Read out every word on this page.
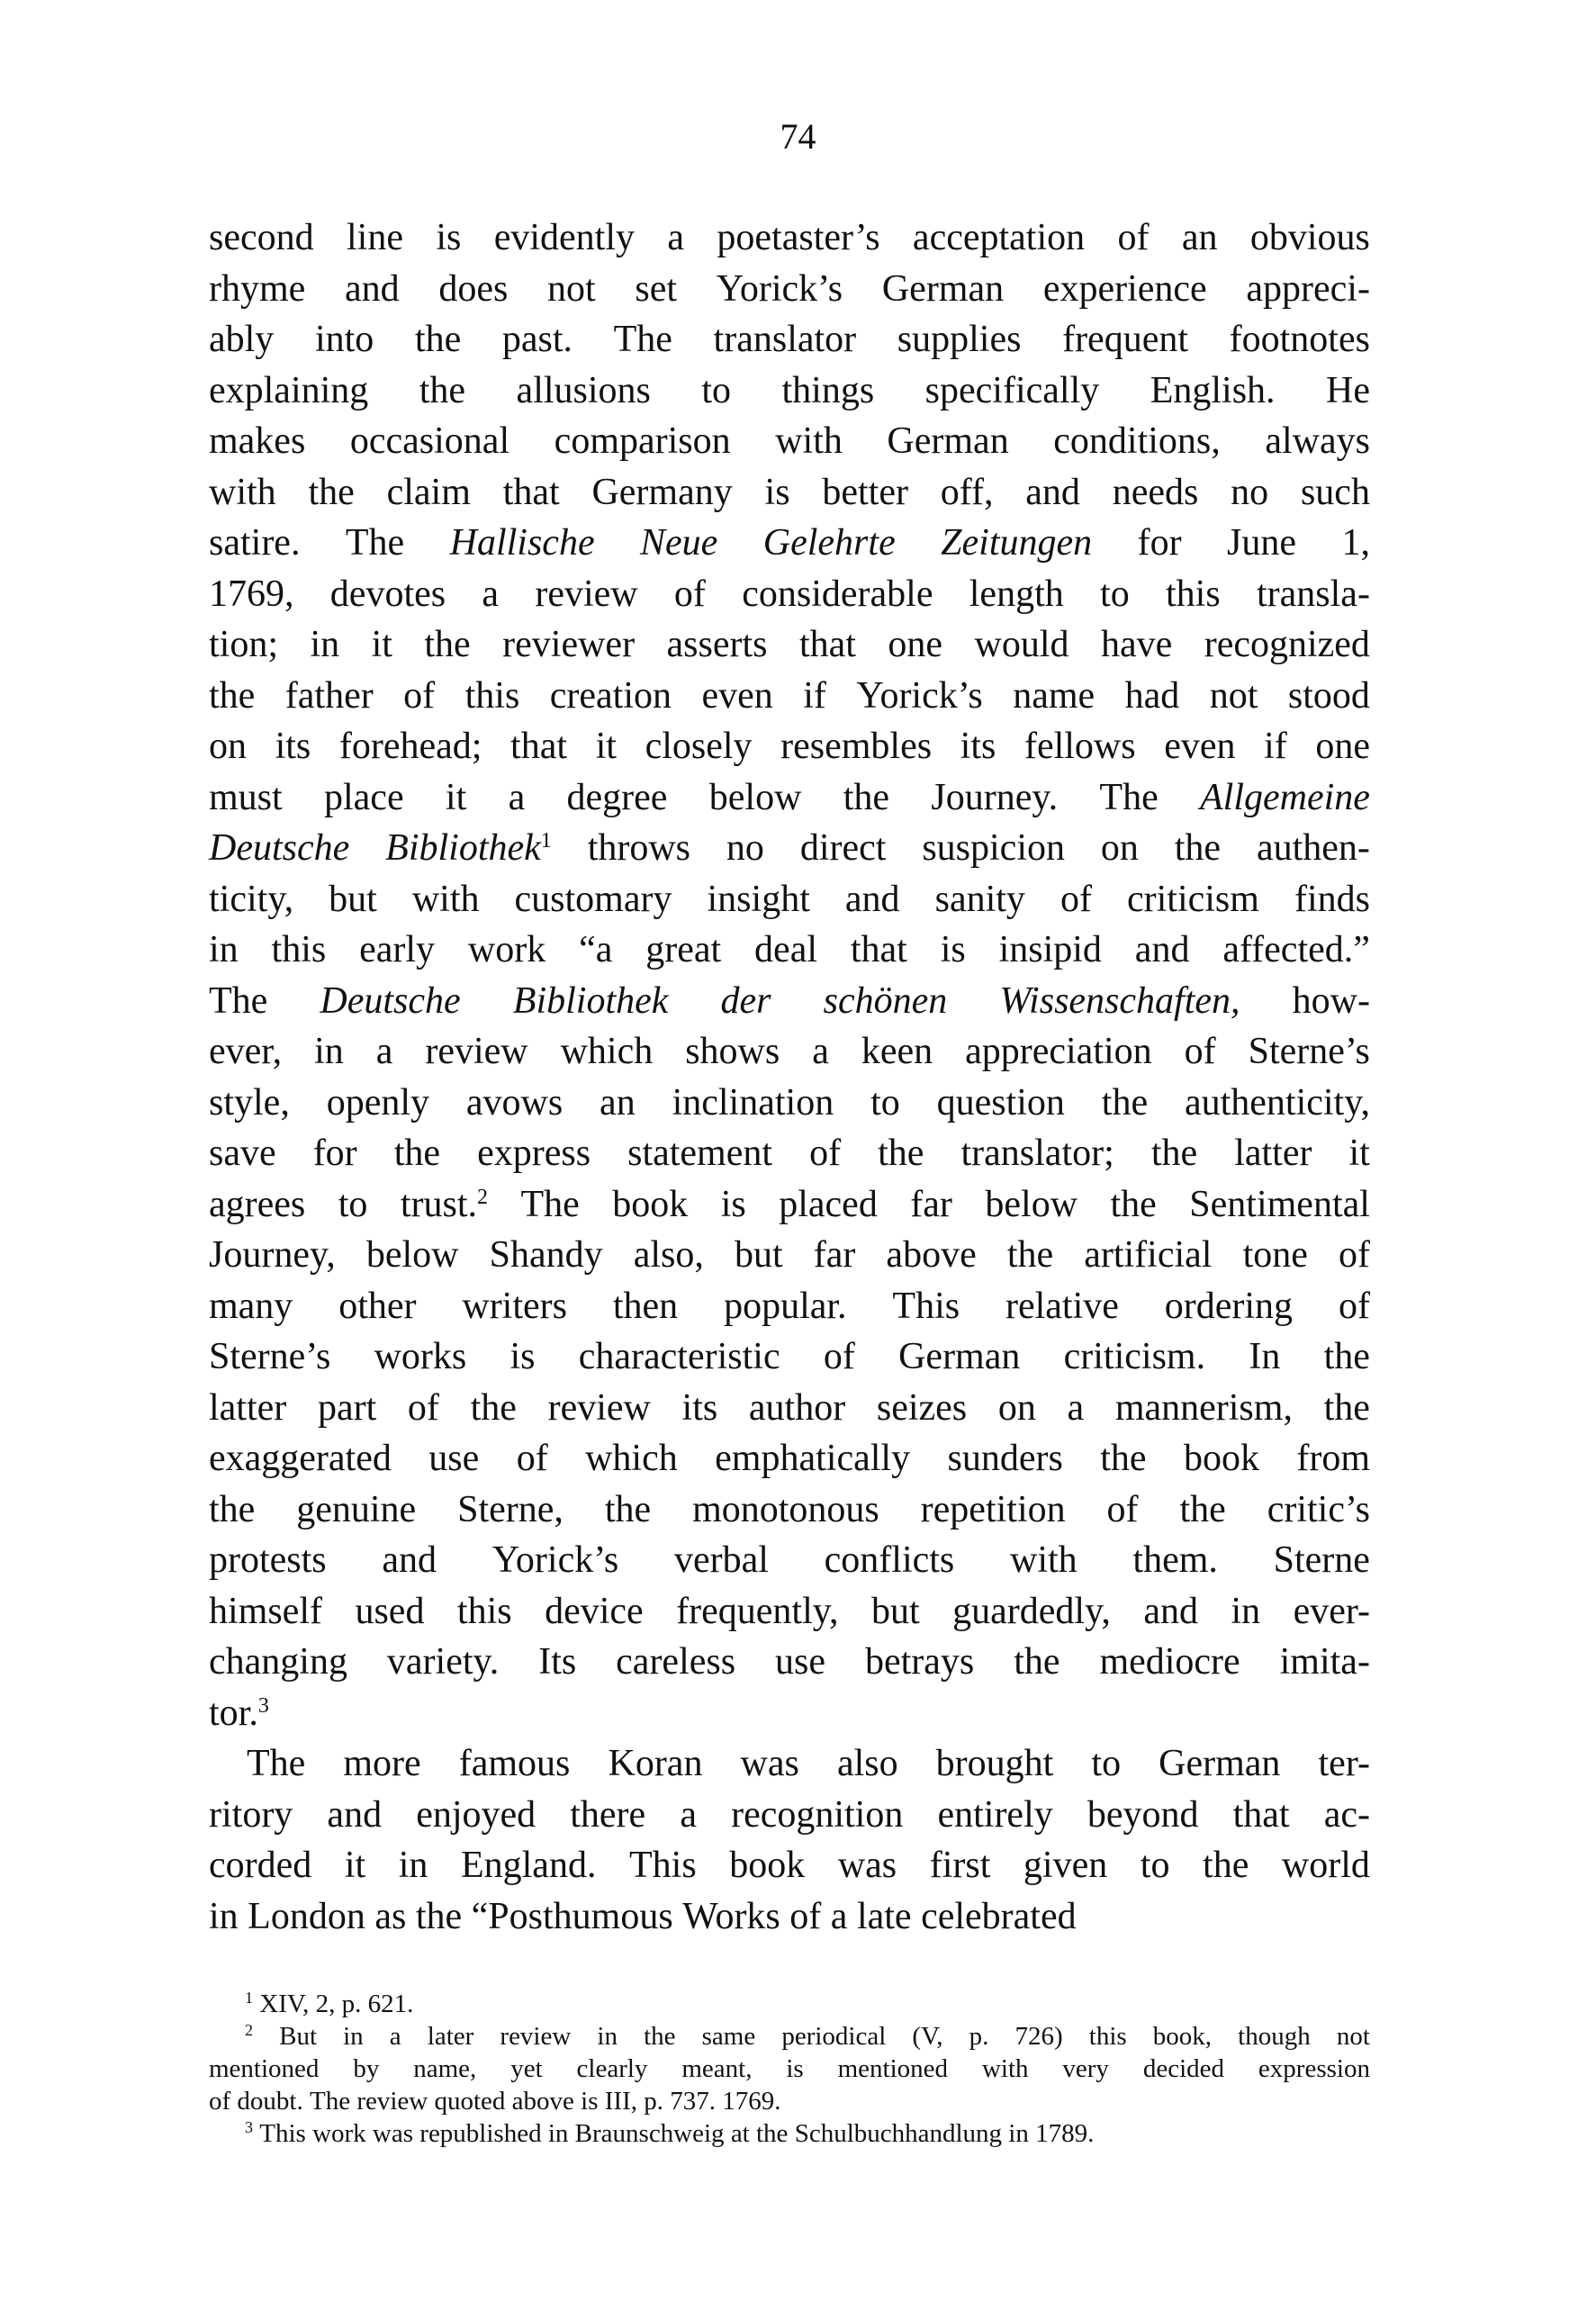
74
second line is evidently a poetaster’s acceptation of an obvious
rhyme and does not set Yorick’s German experience appreci-
ably into the past. The translator supplies frequent footnotes
explaining the allusions to things specifically English. He
makes occasional comparison with German conditions, always
with the claim that Germany is better off, and needs no such
satire. The Hallische Neue Gelehrte Zeitungen for June 1,
1769, devotes a review of considerable length to this transla-
tion; in it the reviewer asserts that one would have recognized
the father of this creation even if Yorick’s name had not stood
on its forehead; that it closely resembles its fellows even if one
must place it a degree below the Journey. The Allgemeine
Deutsche Bibliothek$^1$ throws no direct suspicion on the authen-
ticity, but with customary insight and sanity of criticism finds
in this early work “a great deal that is insipid and affected.”
The Deutsche Bibliothek der schönen Wissenschaften, how-
ever, in a review which shows a keen appreciation of Sterne’s
style, openly avows an inclination to question the authenticity,
save for the express statement of the translator; the latter it
agrees to trust.$^2$ The book is placed far below the Sentimental
Journey, below Shandy also, but far above the artificial tone of
many other writers then popular. This relative ordering of
Sterne’s works is characteristic of German criticism. In the
latter part of the review its author seizes on a mannerism, the
exaggerated use of which emphatically sunders the book from
the genuine Sterne, the monotonous repetition of the critic’s
protests and Yorick’s verbal conflicts with them. Sterne
himself used this device frequently, but guardedly, and in ever-
changing variety. Its careless use betrays the mediocre imita-
tor.$^3$
The more famous Koran was also brought to German ter-
ritory and enjoyed there a recognition entirely beyond that ac-
corded it in England. This book was first given to the world
in London as the “Posthumous Works of a late celebrated
$^1$ XIV, 2, p. 621.
$^2$ But in a later review in the same periodical (V, p. 726) this book, though not
mentioned by name, yet clearly meant, is mentioned with very decided expression
of doubt. The review quoted above is III, p. 737. 1769.
$^3$ This work was republished in Braunschweig at the Schulbuchhandlung in 1789.
